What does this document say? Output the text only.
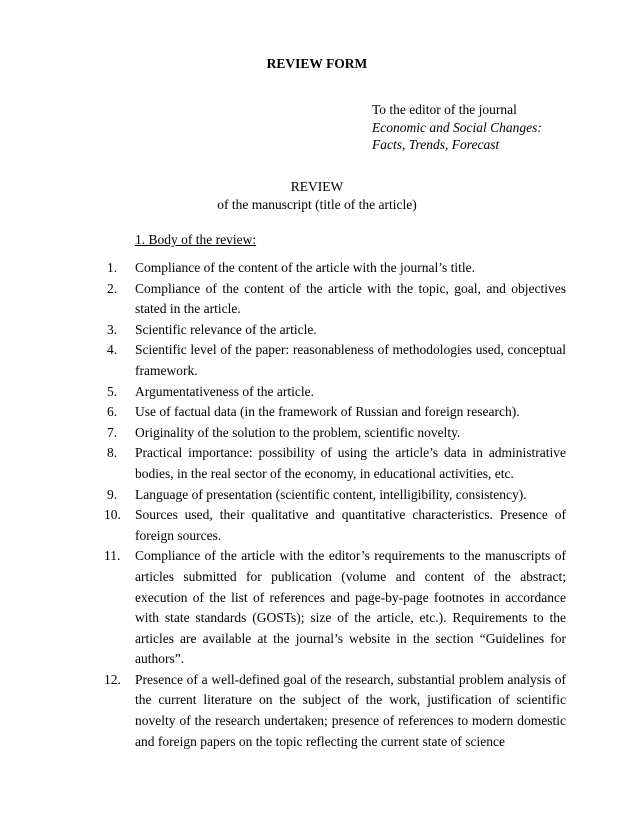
REVIEW FORM
To the editor of the journal
Economic and Social Changes:
Facts, Trends, Forecast
REVIEW
of the manuscript (title of the article)
1. Body of the review:
1. Compliance of the content of the article with the journal’s title.
2. Compliance of the content of the article with the topic, goal, and objectives stated in the article.
3. Scientific relevance of the article.
4. Scientific level of the paper: reasonableness of methodologies used, conceptual framework.
5. Argumentativeness of the article.
6. Use of factual data (in the framework of Russian and foreign research).
7. Originality of the solution to the problem, scientific novelty.
8. Practical importance: possibility of using the article’s data in administrative bodies, in the real sector of the economy, in educational activities, etc.
9. Language of presentation (scientific content, intelligibility, consistency).
10. Sources used, their qualitative and quantitative characteristics. Presence of foreign sources.
11. Compliance of the article with the editor’s requirements to the manuscripts of articles submitted for publication (volume and content of the abstract; execution of the list of references and page-by-page footnotes in accordance with state standards (GOSTs); size of the article, etc.). Requirements to the articles are available at the journal’s website in the section “Guidelines for authors”.
12. Presence of a well-defined goal of the research, substantial problem analysis of the current literature on the subject of the work, justification of scientific novelty of the research undertaken; presence of references to modern domestic and foreign papers on the topic reflecting the current state of science
